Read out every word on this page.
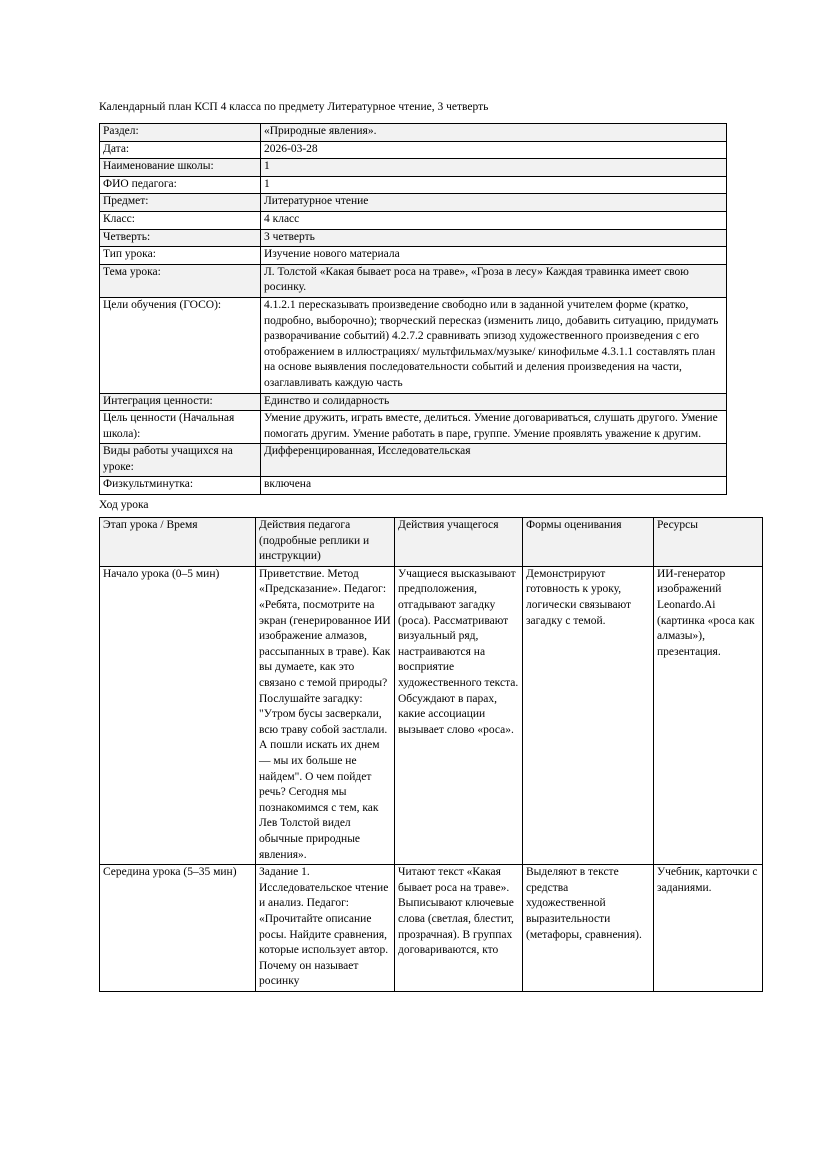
Календарный план КСП 4 класса по предмету Литературное чтение, 3 четверть
Раздел:	«Природные явления».
Дата:	2026-03-28
Наименование школы:	1
ФИО педагога:	1
Предмет:	Литературное чтение
Класс:	4 класс
Четверть:	3 четверть
Тип урока:	Изучение нового материала
Тема урока:	Л. Толстой «Какая бывает роса на траве», «Гроза в лесу» Каждая травинка имеет свою росинку.
Цели обучения (ГОСО):	4.1.2.1 пересказывать произведение свободно или в заданной учителем форме (кратко, подробно, выборочно); творческий пересказ (изменить лицо, добавить ситуацию, придумать разворачивание событий) 4.2.7.2 сравнивать эпизод художественного произведения с его отображением в иллюстрациях/ мультфильмах/музыке/ кинофильме 4.3.1.1 составлять план на основе выявления последовательности событий и деления произведения на части, озаглавливать каждую часть
Интеграция ценности:	Единство и солидарность
Цель ценности (Начальная школа):	Умение дружить, играть вместе, делиться. Умение договариваться, слушать другого. Умение помогать другим. Умение работать в паре, группе. Умение проявлять уважение к другим.
Виды работы учащихся на уроке:	Дифференцированная, Исследовательская
Физкультминутка:	включена
Ход урока
Этап урока / Время	Действия педагога (подробные реплики и инструкции)	Действия учащегося	Формы оценивания	Ресурсы
Начало урока (0–5 мин)	Приветствие. Метод «Предсказание». Педагог: «Ребята, посмотрите на экран (генерированное ИИ изображение алмазов, рассыпанных в траве). Как вы думаете, как это связано с темой природы? Послушайте загадку: "Утром бусы засверкали, всю траву собой застлали. А пошли искать их днем — мы их больше не найдем". О чем пойдет речь? Сегодня мы познакомимся с тем, как Лев Толстой видел обычные природные явления».	Учащиеся высказывают предположения, отгадывают загадку (роса). Рассматривают визуальный ряд, настраиваются на восприятие художественного текста. Обсуждают в парах, какие ассоциации вызывает слово «роса».	Демонстрируют готовность к уроку, логически связывают загадку с темой.	ИИ-генератор изображений Leonardo.Ai (картинка «роса как алмазы»), презентация.
Середина урока (5–35 мин)	Задание 1. Исследовательское чтение и анализ. Педагог: «Прочитайте описание росы. Найдите сравнения, которые использует автор. Почему он называет росинку	Читают текст «Какая бывает роса на траве». Выписывают ключевые слова (светлая, блестит, прозрачная). В группах договариваются, кто	Выделяют в тексте средства художественной выразительности (метафоры, сравнения).	Учебник, карточки с заданиями.
